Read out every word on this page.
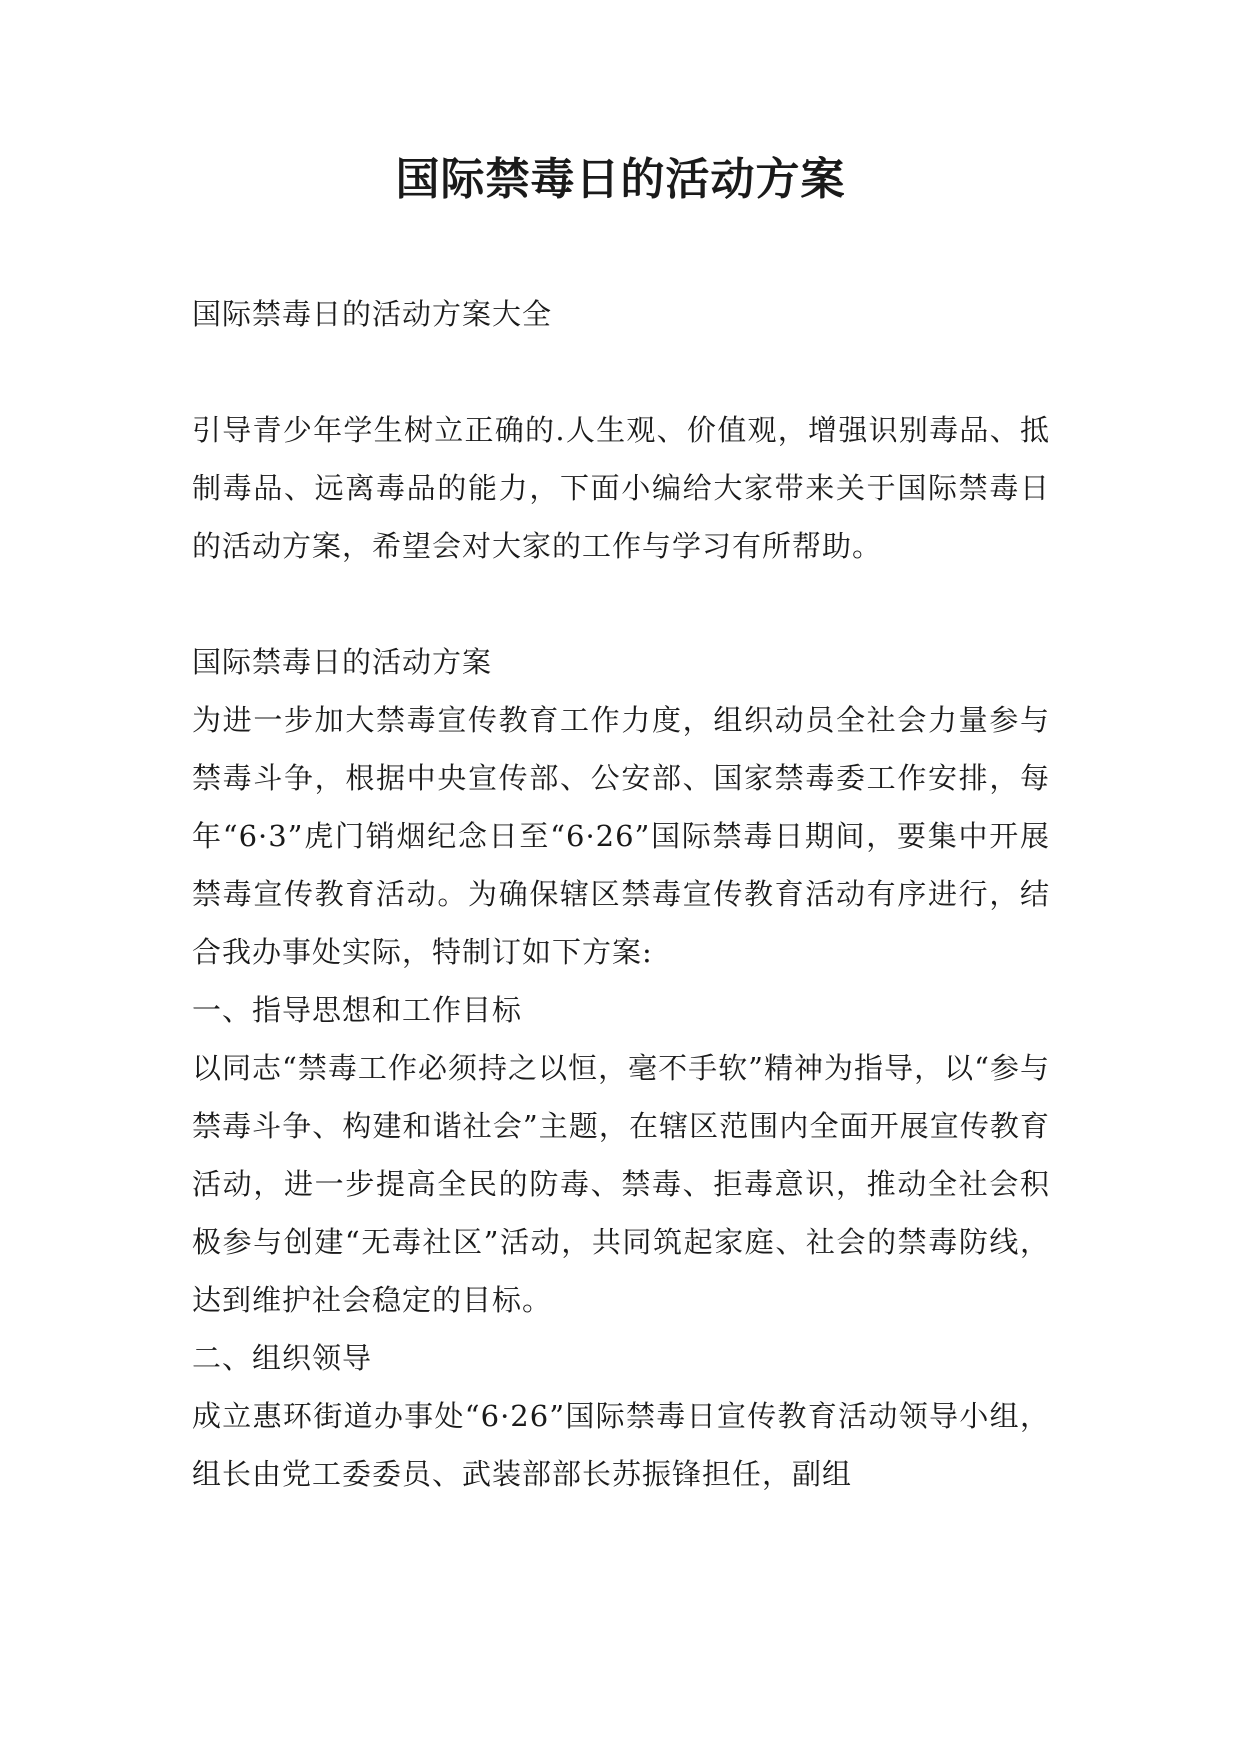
国际禁毒日的活动方案

国际禁毒日的活动方案大全

引导青少年学生树立正确的.人生观、价值观，增强识别毒品、抵制毒品、远离毒品的能力，下面小编给大家带来关于国际禁毒日的活动方案，希望会对大家的工作与学习有所帮助。

国际禁毒日的活动方案

为进一步加大禁毒宣传教育工作力度，组织动员全社会力量参与禁毒斗争，根据中央宣传部、公安部、国家禁毒委工作安排，每年“6·3”虎门销烟纪念日至“6·26”国际禁毒日期间，要集中开展禁毒宣传教育活动。为确保辖区禁毒宣传教育活动有序进行，结合我办事处实际，特制订如下方案:

一、指导思想和工作目标

以同志“禁毒工作必须持之以恒，毫不手软”精神为指导，以“参与禁毒斗争、构建和谐社会”主题，在辖区范围内全面开展宣传教育活动，进一步提高全民的防毒、禁毒、拒毒意识，推动全社会积极参与创建“无毒社区”活动，共同筑起家庭、社会的禁毒防线，达到维护社会稳定的目标。

二、组织领导

成立惠环街道办事处“6·26”国际禁毒日宣传教育活动领导小组，组长由党工委委员、武装部部长苏振锋担任，副组
